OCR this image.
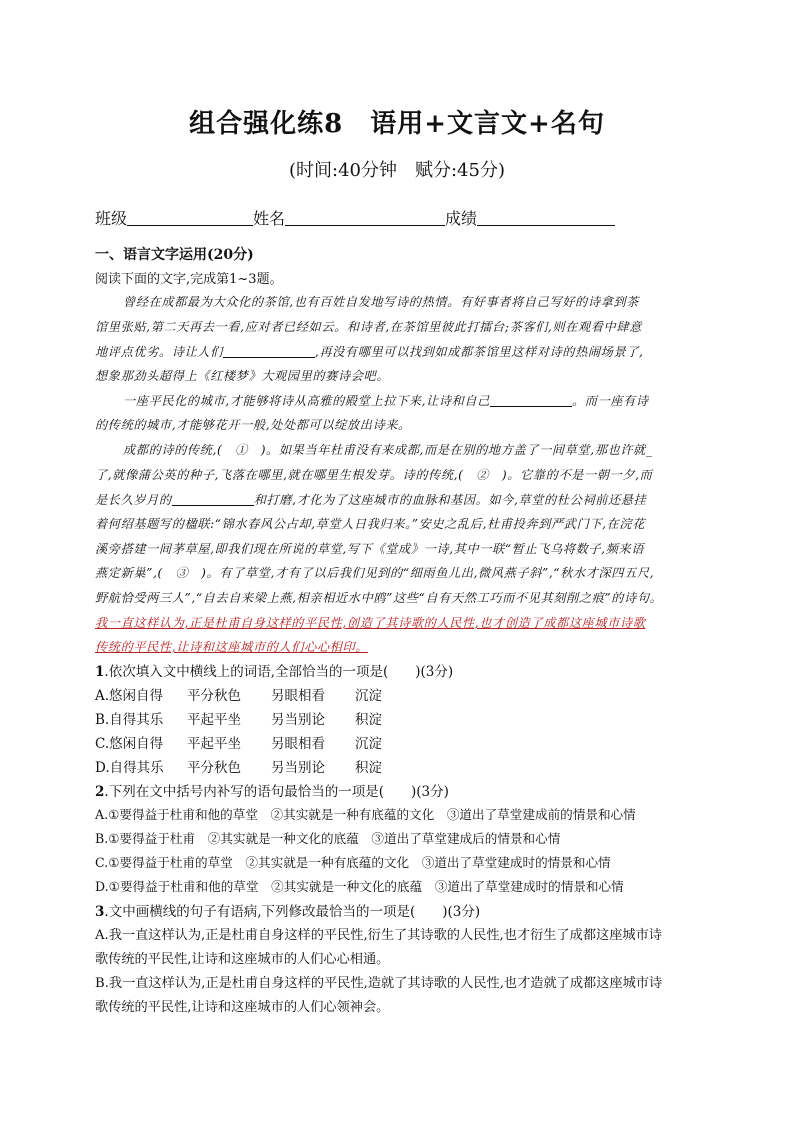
组合强化练8　语用+文言文+名句
(时间:40分钟　赋分:45分)
班级	姓名	成绩
一、语言文字运用(20分)
阅读下面的文字,完成第1~3题。
曾经在成都最为大众化的茶馆,也有百姓自发地写诗的热情。有好事者将自己写好的诗拿到茶
馆里张贴,第二天再去一看,应对者已经如云。和诗者,在茶馆里彼此打擂台;茶客们,则在观看中肆意
地评点优劣。诗让人们	,再没有哪里可以找到如成都茶馆里这样对诗的热闹场景了,
想象那劲头超得上《红楼梦》大观园里的赛诗会吧。
一座平民化的城市,才能够将诗从高雅的殿堂上拉下来,让诗和自己	。而一座有诗
的传统的城市,才能够花开一般,处处都可以绽放出诗来。
成都的诗的传统,(　①　)。如果当年杜甫没有来成都,而是在别的地方盖了一间草堂,那也许就_
了,就像蒲公英的种子,飞落在哪里,就在哪里生根发芽。诗的传统,(　②　)。它靠的不是一朝一夕,而
是长久岁月的	和打磨,才化为了这座城市的血脉和基因。如今,草堂的杜公祠前还悬挂
着何绍基题写的楹联:“锦水春风公占却,草堂人日我归来。”安史之乱后,杜甫投奔到严武门下,在浣花
溪旁搭建一间茅草屋,即我们现在所说的草堂,写下《堂成》一诗,其中一联“暂止飞乌将数子,频来语
燕定新巢”,(　③　)。有了草堂,才有了以后我们见到的“细雨鱼儿出,微风燕子斜”,“秋水才深四五尺,
野航恰受两三人”,“自去自来梁上燕,相亲相近水中鸥”这些“自有天然工巧而不见其刻削之痕”的诗句。
我一直这样认为,正是杜甫自身这样的平民性,创造了其诗歌的人民性,也才创造了成都这座城市诗歌
传统的平民性,让诗和这座城市的人们心心相印。
1.依次填入文中横线上的词语,全部恰当的一项是(　　)(3分)
A.悠闲自得 平分秋色 另眼相看 沉淀
B.自得其乐 平起平坐 另当别论 积淀
C.悠闲自得 平起平坐 另眼相看 沉淀
D.自得其乐 平分秋色 另当别论 积淀
2.下列在文中括号内补写的语句最恰当的一项是(　　)(3分)
A.①要得益于杜甫和他的草堂　②其实就是一种有底蕴的文化　③道出了草堂建成前的情景和心情
B.①要得益于杜甫　②其实就是一种文化的底蕴　③道出了草堂建成后的情景和心情
C.①要得益于杜甫的草堂　②其实就是一种有底蕴的文化　③道出了草堂建成时的情景和心情
D.①要得益于杜甫和他的草堂　②其实就是一种文化的底蕴　③道出了草堂建成时的情景和心情
3.文中画横线的句子有语病,下列修改最恰当的一项是(　　)(3分)
A.我一直这样认为,正是杜甫自身这样的平民性,衍生了其诗歌的人民性,也才衍生了成都这座城市诗
歌传统的平民性,让诗和这座城市的人们心心相通。
B.我一直这样认为,正是杜甫自身这样的平民性,造就了其诗歌的人民性,也才造就了成都这座城市诗
歌传统的平民性,让诗和这座城市的人们心领神会。
